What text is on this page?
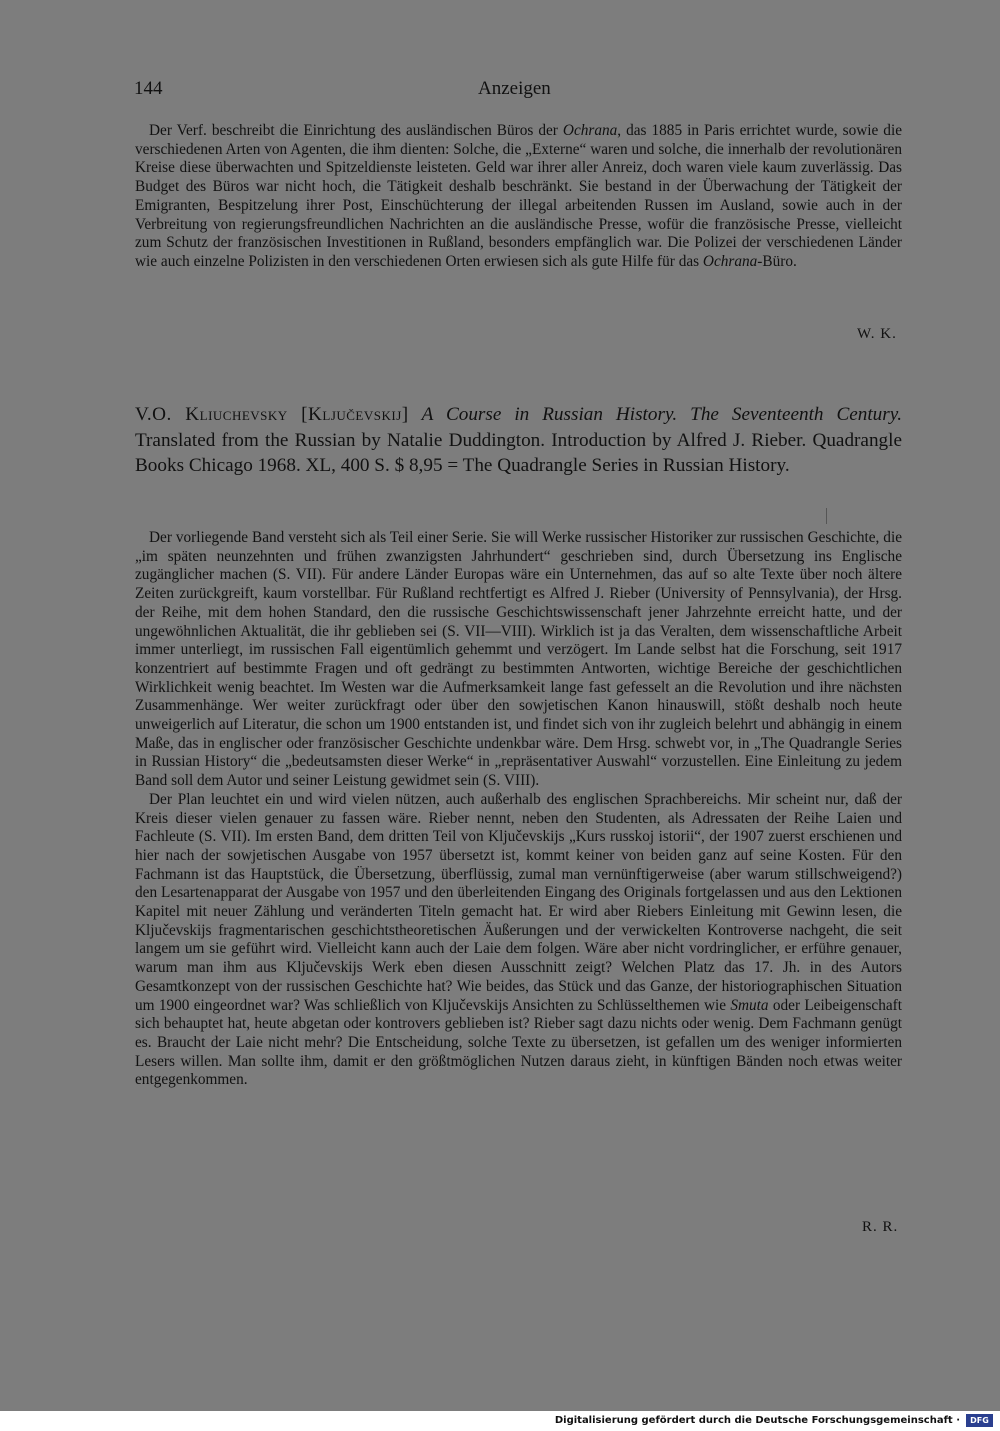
144	Anzeigen

Der Verf. beschreibt die Einrichtung des ausländischen Büros der Ochrana, das 1885 in Paris errichtet wurde, sowie die verschiedenen Arten von Agenten, die ihm dienten: Solche, die „Externe“ waren und solche, die innerhalb der revolutionären Kreise diese überwachten und Spitzeldienste leisteten. Geld war ihrer aller Anreiz, doch waren viele kaum zuverlässig. Das Budget des Büros war nicht hoch, die Tätigkeit deshalb beschränkt. Sie bestand in der Überwachung der Tätigkeit der Emigranten, Bespitzelung ihrer Post, Einschüchterung der illegal arbeitenden Russen im Ausland, sowie auch in der Verbreitung von regierungsfreundlichen Nachrichten an die ausländische Presse, wofür die französische Presse, vielleicht zum Schutz der französischen Investitionen in Rußland, besonders empfänglich war. Die Polizei der verschiedenen Länder wie auch einzelne Polizisten in den verschiedenen Orten erwiesen sich als gute Hilfe für das Ochrana-Büro.

W. K.
V.O. Kliuchevsky [Ključevskij] A Course in Russian History. The Seventeenth Century. Translated from the Russian by Natalie Duddington. Introduction by Alfred J. Rieber. Quadrangle Books Chicago 1968. XL, 400 S. $ 8,95 = The Quadrangle Series in Russian History.

Der vorliegende Band versteht sich als Teil einer Serie. Sie will Werke russischer Historiker zur russischen Geschichte, die „im späten neunzehnten und frühen zwanzigsten Jahrhundert“ geschrieben sind, durch Übersetzung ins Englische zugänglicher machen (S. VII). Für andere Länder Europas wäre ein Unternehmen, das auf so alte Texte über noch ältere Zeiten zurückgreift, kaum vorstellbar. Für Rußland rechtfertigt es Alfred J. Rieber (University of Pennsylvania), der Hrsg. der Reihe, mit dem hohen Standard, den die russische Geschichtswissenschaft jener Jahrzehnte erreicht hatte, und der ungewöhnlichen Aktualität, die ihr geblieben sei (S. VII—VIII). Wirklich ist ja das Veralten, dem wissenschaftliche Arbeit immer unterliegt, im russischen Fall eigentümlich gehemmt und verzögert. Im Lande selbst hat die Forschung, seit 1917 konzentriert auf bestimmte Fragen und oft gedrängt zu bestimmten Antworten, wichtige Bereiche der geschichtlichen Wirklichkeit wenig beachtet. Im Westen war die Aufmerksamkeit lange fast gefesselt an die Revolution und ihre nächsten Zusammenhänge. Wer weiter zurückfragt oder über den sowjetischen Kanon hinauswill, stößt deshalb noch heute unweigerlich auf Literatur, die schon um 1900 entstanden ist, und findet sich von ihr zugleich belehrt und abhängig in einem Maße, das in englischer oder französischer Geschichte undenkbar wäre. Dem Hrsg. schwebt vor, in „The Quadrangle Series in Russian History“ die „bedeutsamsten dieser Werke“ in „repräsentativer Auswahl“ vorzustellen. Eine Einleitung zu jedem Band soll dem Autor und seiner Leistung gewidmet sein (S. VIII).

Der Plan leuchtet ein und wird vielen nützen, auch außerhalb des englischen Sprachbereichs. Mir scheint nur, daß der Kreis dieser vielen genauer zu fassen wäre. Rieber nennt, neben den Studenten, als Adressaten der Reihe Laien und Fachleute (S. VII). Im ersten Band, dem dritten Teil von Ključevskijs „Kurs russkoj istorii“, der 1907 zuerst erschienen und hier nach der sowjetischen Ausgabe von 1957 übersetzt ist, kommt keiner von beiden ganz auf seine Kosten. Für den Fachmann ist das Hauptstück, die Übersetzung, überflüssig, zumal man vernünftigerweise (aber warum stillschweigend?) den Lesartenapparat der Ausgabe von 1957 und den überleitenden Eingang des Originals fortgelassen und aus den Lektionen Kapitel mit neuer Zählung und veränderten Titeln gemacht hat. Er wird aber Riebers Einleitung mit Gewinn lesen, die Ključevskijs fragmentarischen geschichtstheoretischen Äußerungen und der verwickelten Kontroverse nachgeht, die seit langem um sie geführt wird. Vielleicht kann auch der Laie dem folgen. Wäre aber nicht vordringlicher, er erführe genauer, warum man ihm aus Ključevskijs Werk eben diesen Ausschnitt zeigt? Welchen Platz das 17. Jh. in des Autors Gesamtkonzept von der russischen Geschichte hat? Wie beides, das Stück und das Ganze, der historiographischen Situation um 1900 eingeordnet war? Was schließlich von Ključevskijs Ansichten zu Schlüsselthemen wie Smuta oder Leibeigenschaft sich behauptet hat, heute abgetan oder kontrovers geblieben ist? Rieber sagt dazu nichts oder wenig. Dem Fachmann genügt es. Braucht der Laie nicht mehr? Die Entscheidung, solche Texte zu übersetzen, ist gefallen um des weniger informierten Lesers willen. Man sollte ihm, damit er den größtmöglichen Nutzen daraus zieht, in künftigen Bänden noch etwas weiter entgegenkommen.

R. R.
Digitalisierung gefördert durch die Deutsche Forschungsgemeinschaft ·	DFG
